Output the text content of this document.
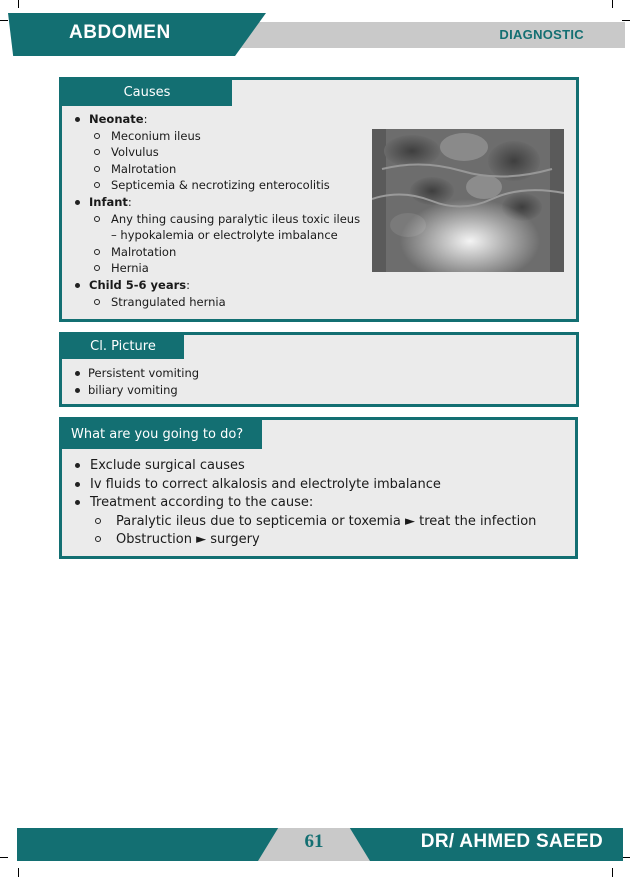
ABDOMEN	DIAGNOSTIC
Causes
Neonate:
Meconium ileus
Volvulus
Malrotation
Septicemia & necrotizing enterocolitis
Infant:
Any thing causing paralytic ileus toxic ileus – hypokalemia or electrolyte imbalance
Malrotation
Hernia
Child 5-6 years:
Strangulated hernia
Cl. Picture
Persistent vomiting
biliary vomiting
What are you going to do?
Exclude surgical causes
Iv fluids to correct alkalosis and electrolyte imbalance
Treatment according to the cause:
Paralytic ileus due to septicemia or toxemia ► treat the infection
Obstruction ► surgery
61	DR/ AHMED SAEED
